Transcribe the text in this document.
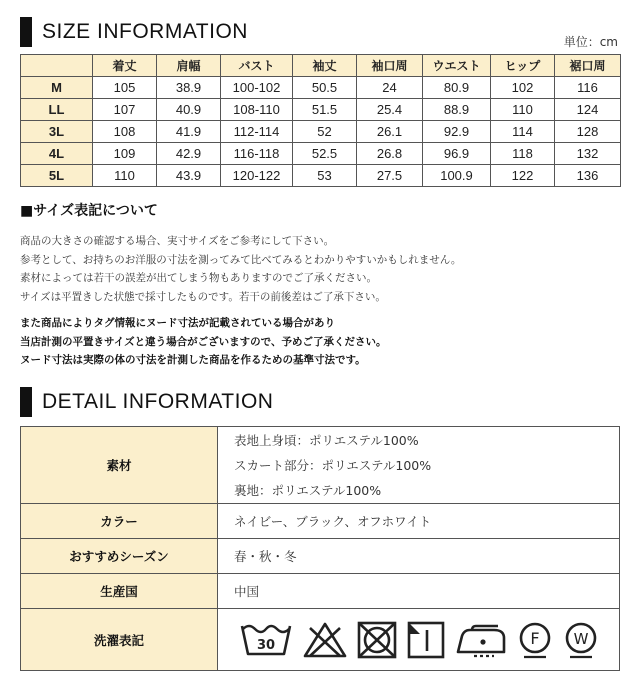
SIZE INFORMATION	単位：cm
	着丈	肩幅	バスト	袖丈	袖口周	ウエスト	ヒップ	裾口周
M	105	38.9	100-102	50.5	24	80.9	102	116
LL	107	40.9	108-110	51.5	25.4	88.9	110	124
3L	108	41.9	112-114	52	26.1	92.9	114	128
4L	109	42.9	116-118	52.5	26.8	96.9	118	132
5L	110	43.9	120-122	53	27.5	100.9	122	136
■サイズ表記について
商品の大きさの確認する場合、実寸サイズをご参考にして下さい。
参考として、お持ちのお洋服の寸法を測ってみて比べてみるとわかりやすいかもしれません。
素材によっては若干の誤差が出てしまう物もありますのでご了承ください。
サイズは平置きした状態で採寸したものです。若干の前後差はご了承下さい。
また商品によりタグ情報にヌード寸法が記載されている場合があり
当店計測の平置きサイズと違う場合がございますので、予めご了承ください。
ヌード寸法は実際の体の寸法を計測した商品を作るための基準寸法です。
DETAIL INFORMATION
素材	表地上身頃：ポリエステル100%
スカート部分：ポリエステル100%
裏地：ポリエステル100%

カラー	ネイビー、ブラック、オフホワイト
おすすめシーズン	春・秋・冬
生産国	中国
洗濯表記	30 F W
